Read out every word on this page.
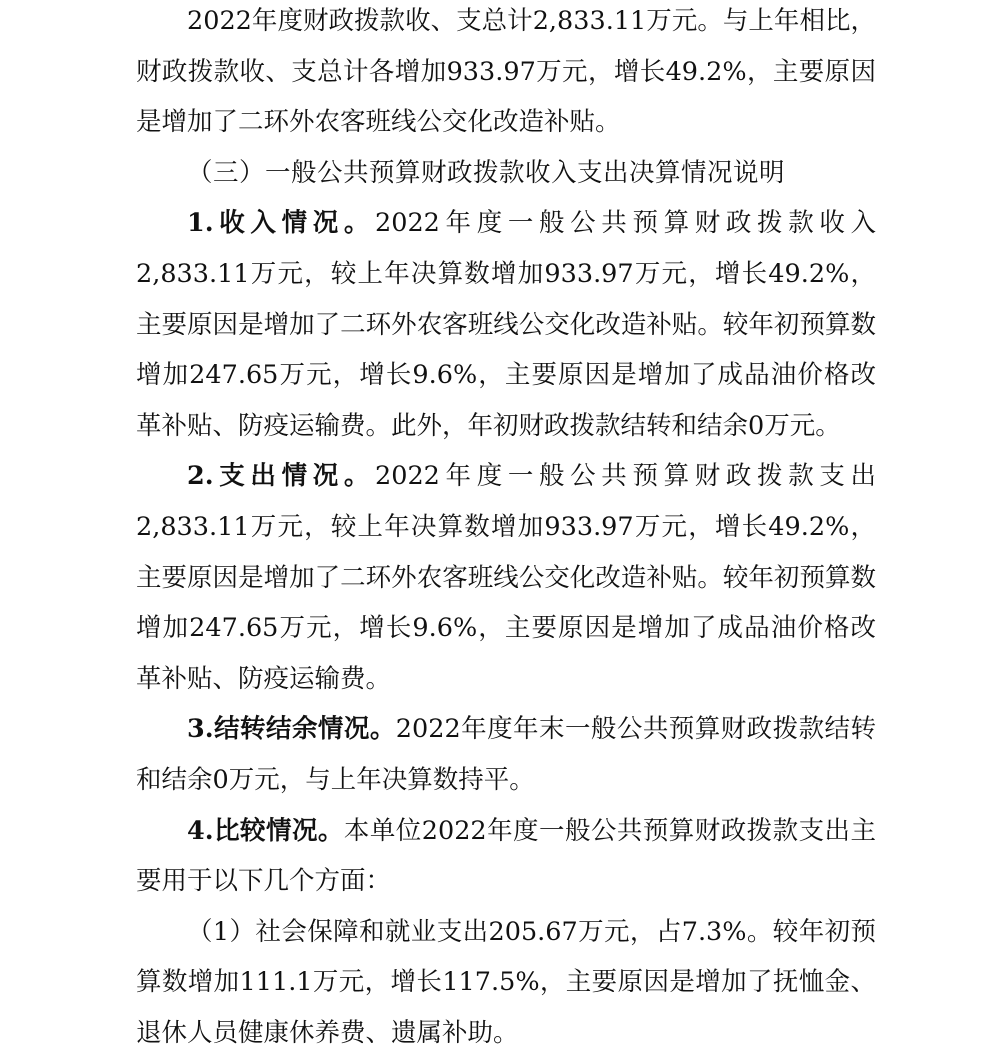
2022年度财政拨款收、支总计2,833.11万元。与上年相比，财政拨款收、支总计各增加933.97万元，增长49.2%，主要原因是增加了二环外农客班线公交化改造补贴。

（三）一般公共预算财政拨款收入支出决算情况说明

1.收入情况。2022年度一般公共预算财政拨款收入2,833.11万元，较上年决算数增加933.97万元，增长49.2%，主要原因是增加了二环外农客班线公交化改造补贴。较年初预算数增加247.65万元，增长9.6%，主要原因是增加了成品油价格改革补贴、防疫运输费。此外，年初财政拨款结转和结余0万元。

2.支出情况。2022年度一般公共预算财政拨款支出2,833.11万元，较上年决算数增加933.97万元，增长49.2%，主要原因是增加了二环外农客班线公交化改造补贴。较年初预算数增加247.65万元，增长9.6%，主要原因是增加了成品油价格改革补贴、防疫运输费。

3.结转结余情况。2022年度年末一般公共预算财政拨款结转和结余0万元，与上年决算数持平。

4.比较情况。本单位2022年度一般公共预算财政拨款支出主要用于以下几个方面：

（1）社会保障和就业支出205.67万元，占7.3%。较年初预算数增加111.1万元，增长117.5%，主要原因是增加了抚恤金、退休人员健康休养费、遗属补助。
